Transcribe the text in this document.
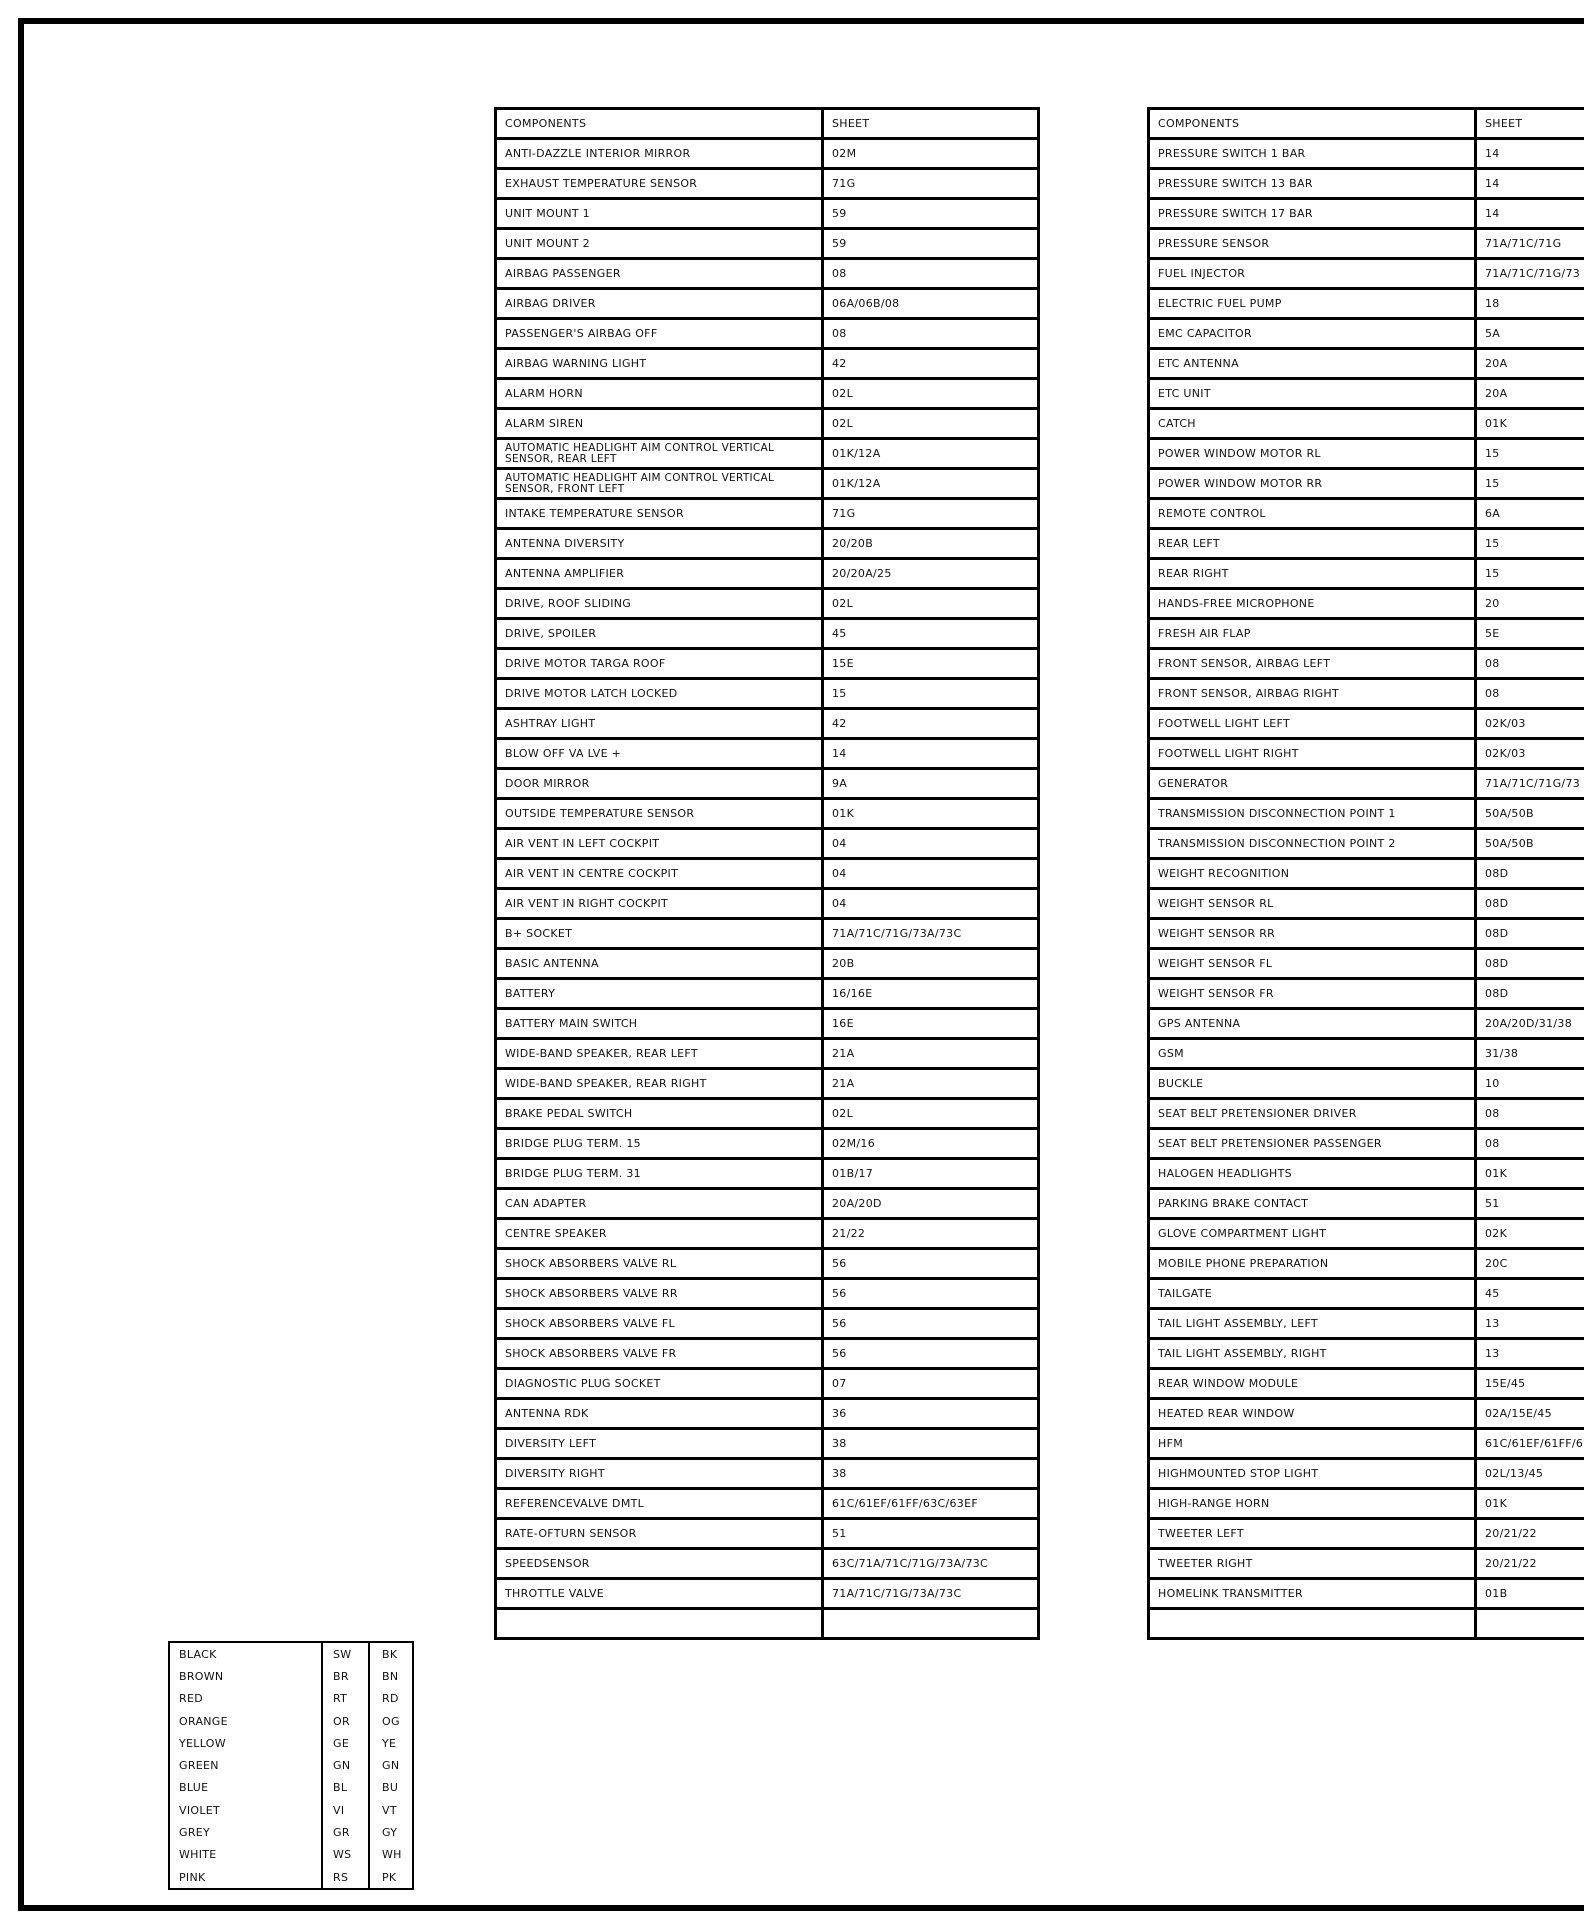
COMPONENTS	SHEET

ANTI-DAZZLE INTERIOR MIRROR	02M

EXHAUST TEMPERATURE SENSOR	71G

UNIT MOUNT 1	59

UNIT MOUNT 2	59

AIRBAG PASSENGER	08

AIRBAG DRIVER	06A/06B/08

PASSENGER'S AIRBAG OFF	08

AIRBAG WARNING LIGHT	42

ALARM HORN	02L

ALARM SIREN	02L

AUTOMATIC HEADLIGHT AIM CONTROL VERTICAL SENSOR, REAR LEFT	01K/12A

AUTOMATIC HEADLIGHT AIM CONTROL VERTICAL SENSOR, FRONT LEFT	01K/12A

INTAKE TEMPERATURE SENSOR	71G

ANTENNA DIVERSITY	20/20B

ANTENNA AMPLIFIER	20/20A/25

DRIVE, ROOF SLIDING	02L

DRIVE, SPOILER	45

DRIVE MOTOR TARGA ROOF	15E

DRIVE MOTOR LATCH LOCKED	15

ASHTRAY LIGHT	42

BLOW OFF VA LVE +	14

DOOR MIRROR	9A

OUTSIDE TEMPERATURE SENSOR	01K

AIR VENT IN LEFT COCKPIT	04

AIR VENT IN CENTRE COCKPIT	04

AIR VENT IN RIGHT COCKPIT	04

B+ SOCKET	71A/71C/71G/73A/73C

BASIC ANTENNA	20B

BATTERY	16/16E

BATTERY MAIN SWITCH	16E

WIDE-BAND SPEAKER, REAR LEFT	21A

WIDE-BAND SPEAKER, REAR RIGHT	21A

BRAKE PEDAL SWITCH	02L

BRIDGE PLUG TERM. 15	02M/16

BRIDGE PLUG TERM. 31	01B/17

CAN ADAPTER	20A/20D

CENTRE SPEAKER	21/22

SHOCK ABSORBERS VALVE RL	56

SHOCK ABSORBERS VALVE RR	56

SHOCK ABSORBERS VALVE FL	56

SHOCK ABSORBERS VALVE FR	56

DIAGNOSTIC PLUG SOCKET	07

ANTENNA RDK	36

DIVERSITY LEFT	38

DIVERSITY RIGHT	38

REFERENCEVALVE DMTL	61C/61EF/61FF/63C/63EF

RATE-OFTURN SENSOR	51

SPEEDSENSOR	63C/71A/71C/71G/73A/73C

THROTTLE VALVE	71A/71C/71G/73A/73C

COMPONENTS	SHEET

PRESSURE SWITCH 1 BAR	14

PRESSURE SWITCH 13 BAR	14

PRESSURE SWITCH 17 BAR	14

PRESSURE SENSOR	71A/71C/71G

FUEL INJECTOR	71A/71C/71G/73

ELECTRIC FUEL PUMP	18

EMC CAPACITOR	5A

ETC ANTENNA	20A

ETC UNIT	20A

CATCH	01K

POWER WINDOW MOTOR RL	15

POWER WINDOW MOTOR RR	15

REMOTE CONTROL	6A

REAR LEFT	15

REAR RIGHT	15

HANDS-FREE MICROPHONE	20

FRESH AIR FLAP	5E

FRONT SENSOR, AIRBAG LEFT	08

FRONT SENSOR, AIRBAG RIGHT	08

FOOTWELL LIGHT LEFT	02K/03

FOOTWELL LIGHT RIGHT	02K/03

GENERATOR	71A/71C/71G/73

TRANSMISSION DISCONNECTION POINT 1	50A/50B

TRANSMISSION DISCONNECTION POINT 2	50A/50B

WEIGHT RECOGNITION	08D

WEIGHT SENSOR RL	08D

WEIGHT SENSOR RR	08D

WEIGHT SENSOR FL	08D

WEIGHT SENSOR FR	08D

GPS ANTENNA	20A/20D/31/38

GSM	31/38

BUCKLE	10

SEAT BELT PRETENSIONER DRIVER	08

SEAT BELT PRETENSIONER PASSENGER	08

HALOGEN HEADLIGHTS	01K

PARKING BRAKE CONTACT	51

GLOVE COMPARTMENT LIGHT	02K

MOBILE PHONE PREPARATION	20C

TAILGATE	45

TAIL LIGHT ASSEMBLY, LEFT	13

TAIL LIGHT ASSEMBLY, RIGHT	13

REAR WINDOW MODULE	15E/45

HEATED REAR WINDOW	02A/15E/45

HFM	61C/61EF/61FF/6

HIGHMOUNTED STOP LIGHT	02L/13/45

HIGH-RANGE HORN	01K

TWEETER LEFT	20/21/22

TWEETER RIGHT	20/21/22

HOMELINK TRANSMITTER	01B

BLACK	SW	BK
BROWN	BR	BN
RED	RT	RD
ORANGE	OR	OG
YELLOW	GE	YE
GREEN	GN	GN
BLUE	BL	BU
VIOLET	VI	VT
GREY	GR	GY
WHITE	WS	WH
PINK	RS	PK
